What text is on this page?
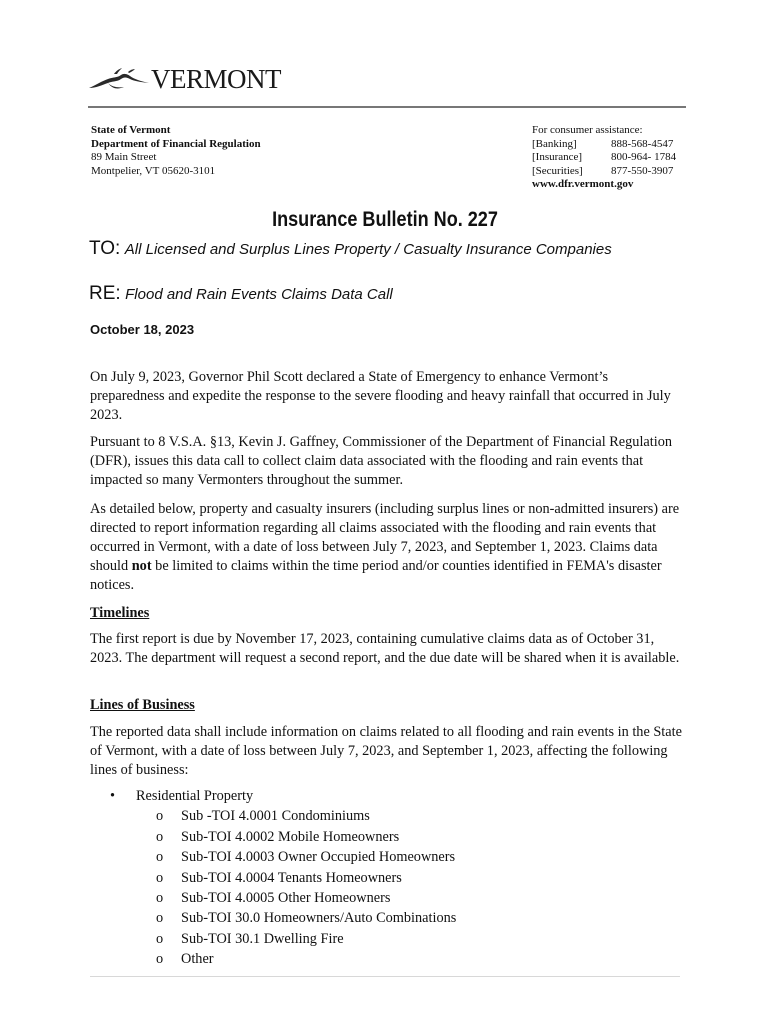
VERMONT
State of Vermont
Department of Financial Regulation
89 Main Street
Montpelier, VT 05620-3101
For consumer assistance:
[Banking]	888-568-4547
[Insurance]	800-964- 1784
[Securities]	877-550-3907
www.dfr.vermont.gov
Insurance Bulletin No. 227
TO: All Licensed and Surplus Lines Property / Casualty Insurance Companies
RE: Flood and Rain Events Claims Data Call
October 18, 2023

On July 9, 2023, Governor Phil Scott declared a State of Emergency to enhance Vermont’s preparedness and expedite the response to the severe flooding and heavy rainfall that occurred in July 2023.

Pursuant to 8 V.S.A. §13, Kevin J. Gaffney, Commissioner of the Department of Financial Regulation (DFR), issues this data call to collect claim data associated with the flooding and rain events that impacted so many Vermonters throughout the summer.

As detailed below, property and casualty insurers (including surplus lines or non-admitted insurers) are directed to report information regarding all claims associated with the flooding and rain events that occurred in Vermont, with a date of loss between July 7, 2023, and September 1, 2023. Claims data should not be limited to claims within the time period and/or counties identified in FEMA's disaster notices.

Timelines

The first report is due by November 17, 2023, containing cumulative claims data as of October 31, 2023. The department will request a second report, and the due date will be shared when it is available.

Lines of Business

The reported data shall include information on claims related to all flooding and rain events in the State of Vermont, with a date of loss between July 7, 2023, and September 1, 2023, affecting the following lines of business:

•	Residential Property
o	Sub -TOI 4.0001 Condominiums
o	Sub-TOI 4.0002 Mobile Homeowners
o	Sub-TOI 4.0003 Owner Occupied Homeowners
o	Sub-TOI 4.0004 Tenants Homeowners
o	Sub-TOI 4.0005 Other Homeowners
o	Sub-TOI 30.0 Homeowners/Auto Combinations
o	Sub-TOI 30.1 Dwelling Fire
o	Other
